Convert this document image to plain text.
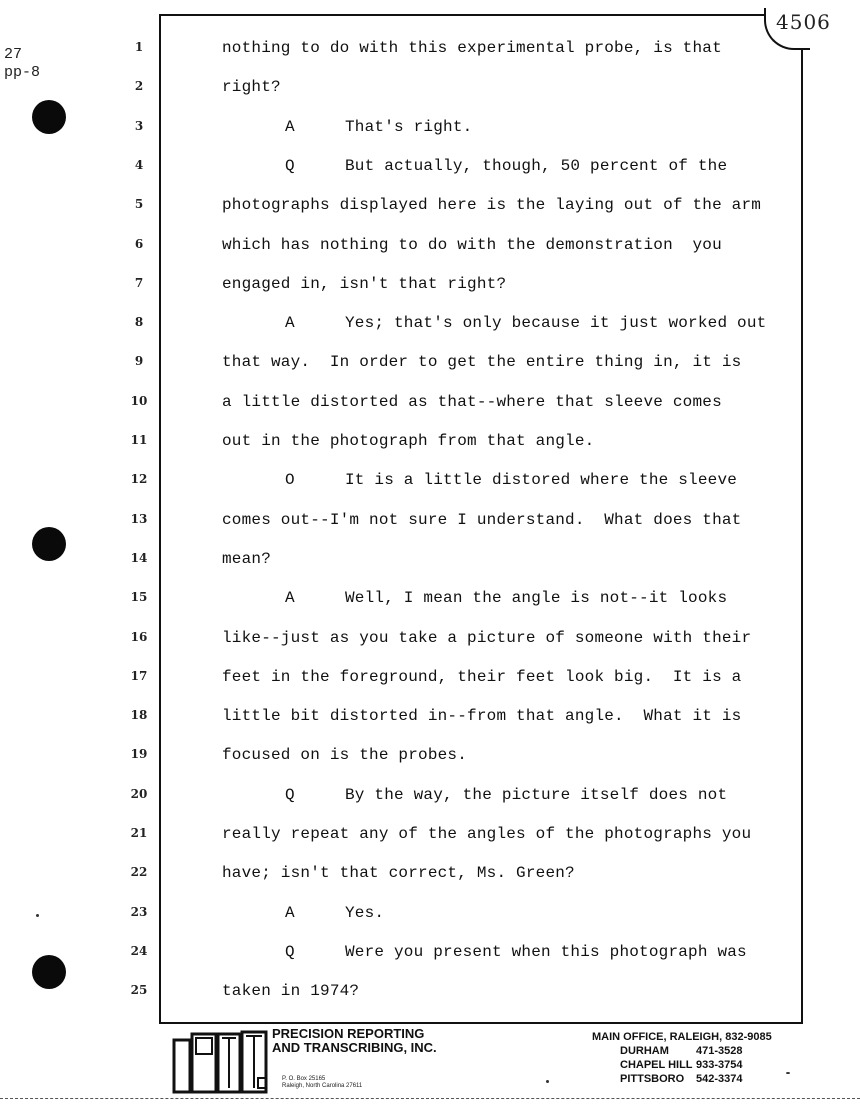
27
pp-8
4506
1
2
3
4
5
6
7
8
9
10
11
12
13
14
15
16
17
18
19
20
21
22
23
24
25
nothing to do with this experimental probe, is that
right?
A	That's right.
Q	But actually, though, 50 percent of the
photographs displayed here is the laying out of the arm
which has nothing to do with the demonstration  you
engaged in, isn't that right?
A	Yes; that's only because it just worked out
that way.  In order to get the entire thing in, it is
a little distorted as that--where that sleeve comes
out in the photograph from that angle.
O	It is a little distored where the sleeve
comes out--I'm not sure I understand.  What does that
mean?
A	Well, I mean the angle is not--it looks
like--just as you take a picture of someone with their
feet in the foreground, their feet look big.  It is a
little bit distorted in--from that angle.  What it is
focused on is the probes.
Q	By the way, the picture itself does not
really repeat any of the angles of the photographs you
have; isn't that correct, Ms. Green?
A	Yes.
Q	Were you present when this photograph was
taken in 1974?
PRECISION REPORTING
AND TRANSCRIBING, INC.
P. O. Box 25165
Raleigh, North Carolina 27611
MAIN OFFICE, RALEIGH, 832-9085
DURHAM 471-3528
CHAPEL HILL 933-3754
PITTSBORO 542-3374
